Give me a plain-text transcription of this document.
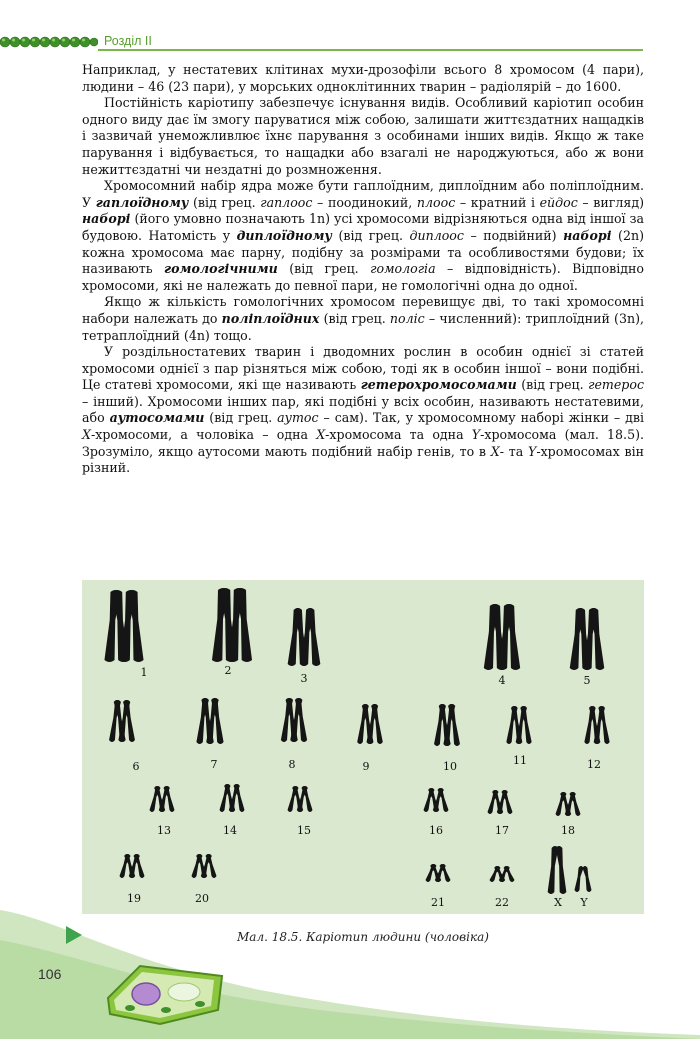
Розділ ІІ

Наприклад, у нестатевих клітинах мухи-дрозофіли всього 8 хромосом (4 пари), людини – 46 (23 пари), у морських одноклітинних тварин – радіолярій – до 1600.

Постійність каріотипу забезпечує існування видів. Особливий каріотип особин одного виду дає їм змогу паруватися між собою, залишати життєздатних нащадків і зазвичай унеможливлює їхнє парування з особинами інших видів. Якщо ж таке парування і відбувається, то нащадки або взагалі не народжуються, або ж вони нежиттєздатні чи нездатні до розмноження.

Хромосомний набір ядра може бути гаплоїдним, диплоїдним або поліплоїдним. У гаплоїдному (від грец. гаплоос – поодинокий, плоос – кратний і ейдос – вигляд) наборі (його умовно позначають 1n) усі хромосоми відрізняються одна від іншої за будовою. Натомість у диплоїдному (від грец. диплоос – подвійний) наборі (2n) кожна хромосома має парну, подібну за розмірами та особливостями будови; їх називають гомологічними (від грец. гомологіа – відповідність). Відповідно хромосоми, які не належать до певної пари, не гомологічні одна до одної.

Якщо ж кількість гомологічних хромосом перевищує дві, то такі хромосомні набори належать до поліплоїдних (від грец. поліс – численний): триплоїдний (3n), тетраплоїдний (4n) тощо.

У роздільностатевих тварин і дводомних рослин в особин однієї зі статей хромосоми однієї з пар різняться між собою, тоді як в особин іншої – вони подібні. Це статеві хромосоми, які ще називають гетерохромосомами (від грец. гетерос – інший). Хромосоми інших пар, які подібні у всіх особин, називають нестатевими, або аутосомами (від грец. аутос – сам). Так, у хромосомному наборі жінки – дві X-хромосоми, а чоловіка – одна X-хромосома та одна Y-хромосома (мал. 18.5). Зрозуміло, якщо аутосоми мають подібний набір генів, то в X- та Y-хромосомах він різний.

1	2
3	4	5
6	7	8	9	10	11	12
13	14	15	16	17	18
19	20	21	22	X Y
Мал. 18.5. Каріотип людини (чоловіка)
106
